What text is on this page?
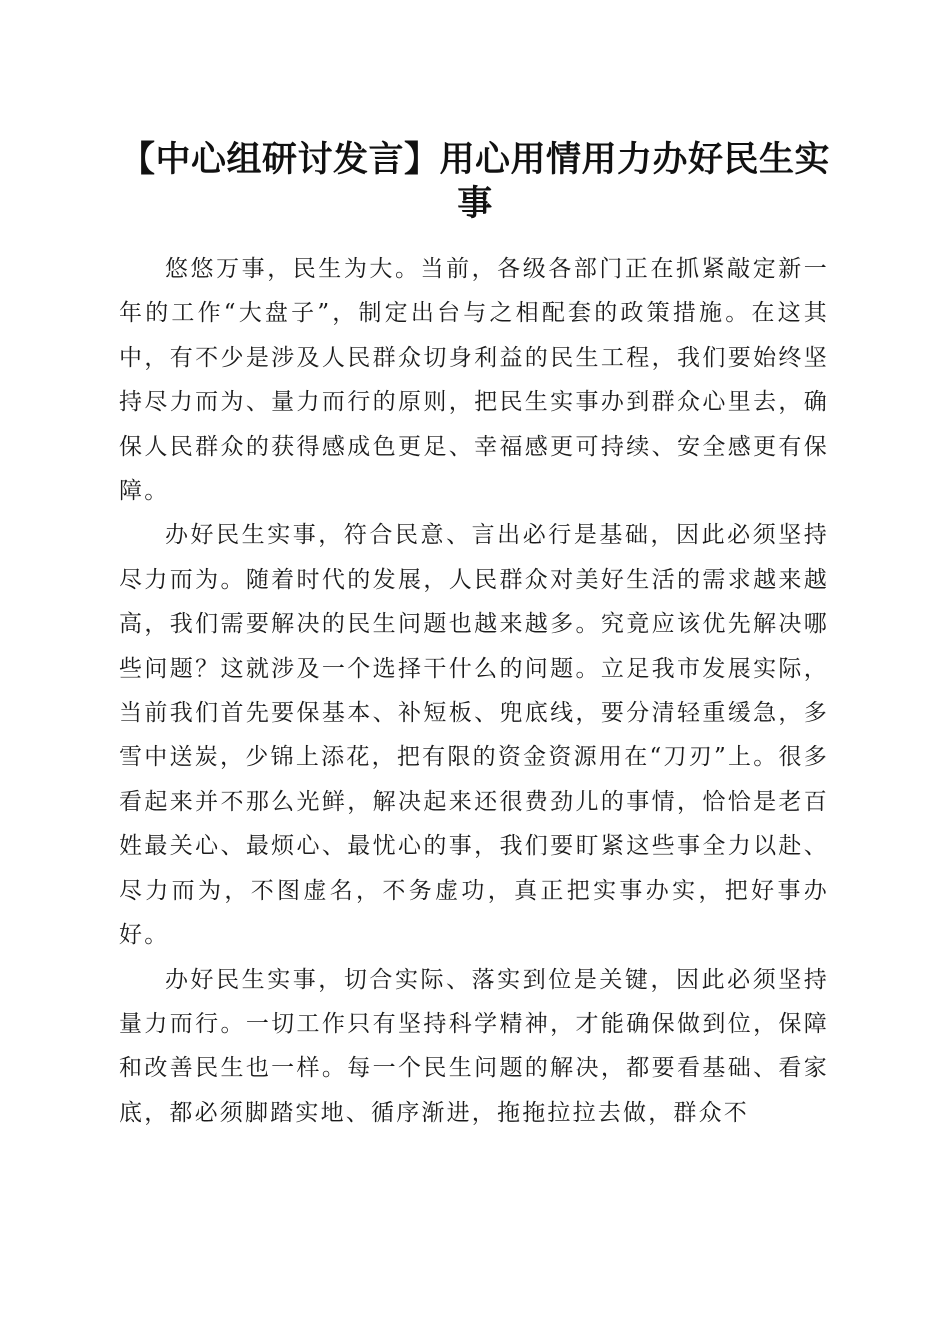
【中心组研讨发言】用心用情用力办好民生实事

悠悠万事，民生为大。当前，各级各部门正在抓紧敲定新一年的工作“大盘子”，制定出台与之相配套的政策措施。在这其中，有不少是涉及人民群众切身利益的民生工程，我们要始终坚持尽力而为、量力而行的原则，把民生实事办到群众心里去，确保人民群众的获得感成色更足、幸福感更可持续、安全感更有保障。

办好民生实事，符合民意、言出必行是基础，因此必须坚持尽力而为。随着时代的发展，人民群众对美好生活的需求越来越高，我们需要解决的民生问题也越来越多。究竟应该优先解决哪些问题？这就涉及一个选择干什么的问题。立足我市发展实际，当前我们首先要保基本、补短板、兜底线，要分清轻重缓急，多雪中送炭，少锦上添花，把有限的资金资源用在“刀刃”上。很多看起来并不那么光鲜，解决起来还很费劲儿的事情，恰恰是老百姓最关心、最烦心、最忧心的事，我们要盯紧这些事全力以赴、尽力而为，不图虚名，不务虚功，真正把实事办实，把好事办好。

办好民生实事，切合实际、落实到位是关键，因此必须坚持量力而行。一切工作只有坚持科学精神，才能确保做到位，保障和改善民生也一样。每一个民生问题的解决，都要看基础、看家底，都必须脚踏实地、循序渐进，拖拖拉拉去做，群众不
